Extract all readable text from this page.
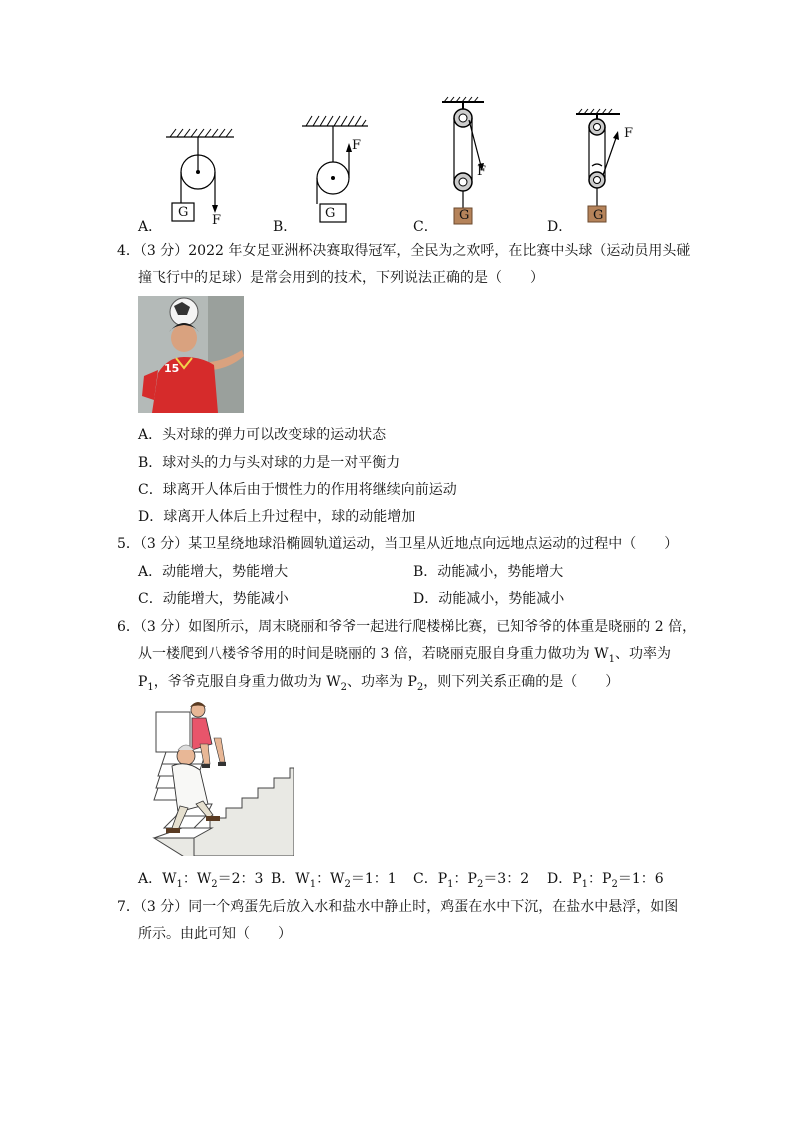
G
F
A．
G
F
B．
G
F
C．
G
F
D．
4．（3 分）2022 年女足亚洲杯决赛取得冠军，全民为之欢呼，在比赛中头球（运动员用头碰
撞飞行中的足球）是常会用到的技术，下列说法正确的是（　　）
15
A．头对球的弹力可以改变球的运动状态
B．球对头的力与头对球的力是一对平衡力
C．球离开人体后由于惯性力的作用将继续向前运动
D．球离开人体后上升过程中，球的动能增加
5．（3 分）某卫星绕地球沿椭圆轨道运动，当卫星从近地点向远地点运动的过程中（　　）
A．动能增大，势能增大	B．动能减小，势能增大
C．动能增大，势能减小	D．动能减小，势能减小
6．（3 分）如图所示，周末晓丽和爷爷一起进行爬楼梯比赛，已知爷爷的体重是晓丽的 2 倍，
从一楼爬到八楼爷爷用的时间是晓丽的 3 倍，若晓丽克服自身重力做功为 $W_1$、功率为
$P_1$，爷爷克服自身重力做功为 $W_2$、功率为 $P_2$，则下列关系正确的是（　　）
A．$W_1$：$W_2=2$：3 B．$W_1$：$W_2=1$：1 C．$P_1$：$P_2=3$：2 D．$P_1$：$P_2=1$：6
7．（3 分）同一个鸡蛋先后放入水和盐水中静止时，鸡蛋在水中下沉，在盐水中悬浮，如图
所示。由此可知（　　）
